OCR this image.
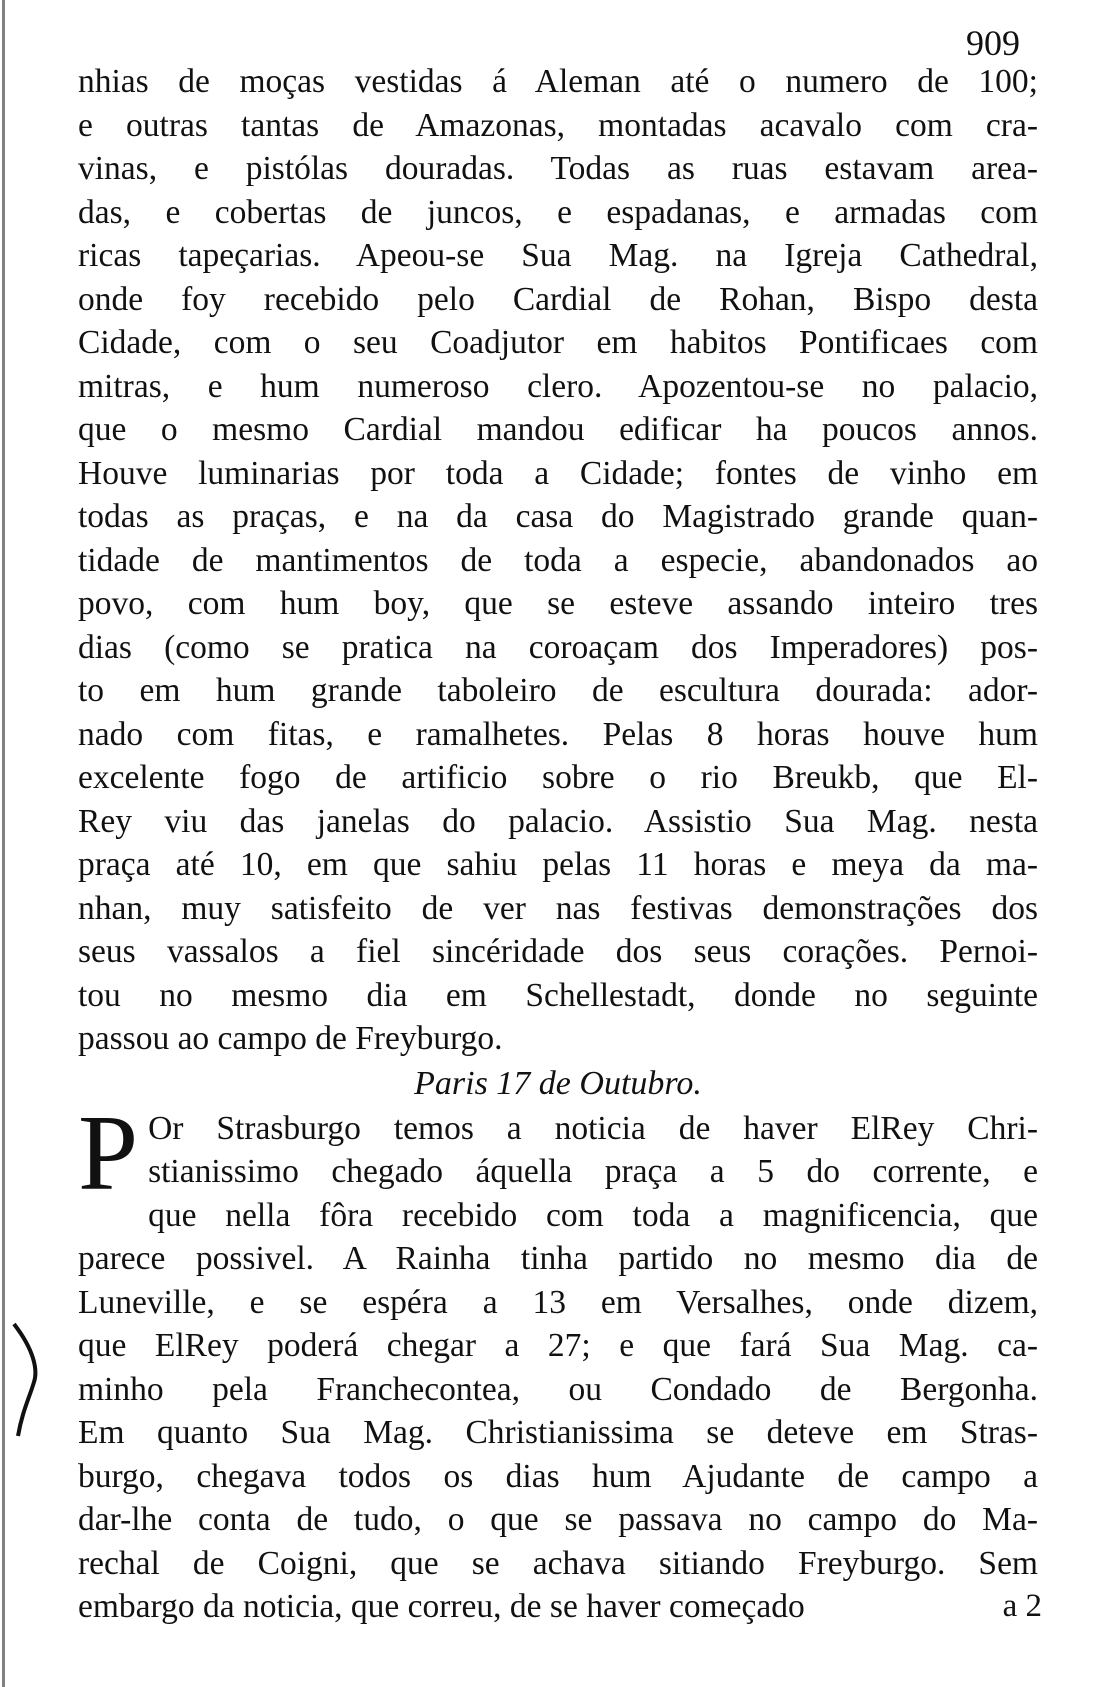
909
nhias de moças vestidas á Aleman até o numero de 100;
e outras tantas de Amazonas, montadas acavalo com cra-
vinas, e pistólas douradas. Todas as ruas estavam area-
das, e cobertas de juncos, e espadanas, e armadas com
ricas tapeçarias. Apeou-se Sua Mag. na Igreja Cathedral,
onde foy recebido pelo Cardial de Rohan, Bispo desta
Cidade, com o seu Coadjutor em habitos Pontificaes com
mitras, e hum numeroso clero. Apozentou-se no palacio,
que o mesmo Cardial mandou edificar ha poucos annos.
Houve luminarias por toda a Cidade; fontes de vinho em
todas as praças, e na da casa do Magistrado grande quan-
tidade de mantimentos de toda a especie, abandonados ao
povo, com hum boy, que se esteve assando inteiro tres
dias (como se pratica na coroaçam dos Imperadores) pos-
to em hum grande taboleiro de escultura dourada: ador-
nado com fitas, e ramalhetes. Pelas 8 horas houve hum
excelente fogo de artificio sobre o rio Breukb, que El-
Rey viu das janelas do palacio. Assistio Sua Mag. nesta
praça até 10, em que sahiu pelas 11 horas e meya da ma-
nhan, muy satisfeito de ver nas festivas demonstrações dos
seus vassalos a fiel sincéridade dos seus corações. Pernoi-
tou no mesmo dia em Schellestadt, donde no seguinte
passou ao campo de Freyburgo.

Paris 17 de Outubro.

P Or Strasburgo temos a noticia de haver ElRey Chri-
stianissimo chegado áquella praça a 5 do corrente, e
que nella fôra recebido com toda a magnificencia, que
parece possivel. A Rainha tinha partido no mesmo dia de
Luneville, e se espéra a 13 em Versalhes, onde dizem,
que ElRey poderá chegar a 27; e que fará Sua Mag. ca-
minho pela Franchecontea, ou Condado de Bergonha.
Em quanto Sua Mag. Christianissima se deteve em Stras-
burgo, chegava todos os dias hum Ajudante de campo a
dar-lhe conta de tudo, o que se passava no campo do Ma-
rechal de Coigni, que se achava sitiando Freyburgo. Sem
embargo da noticia, que correu, de se haver começado	a 2
